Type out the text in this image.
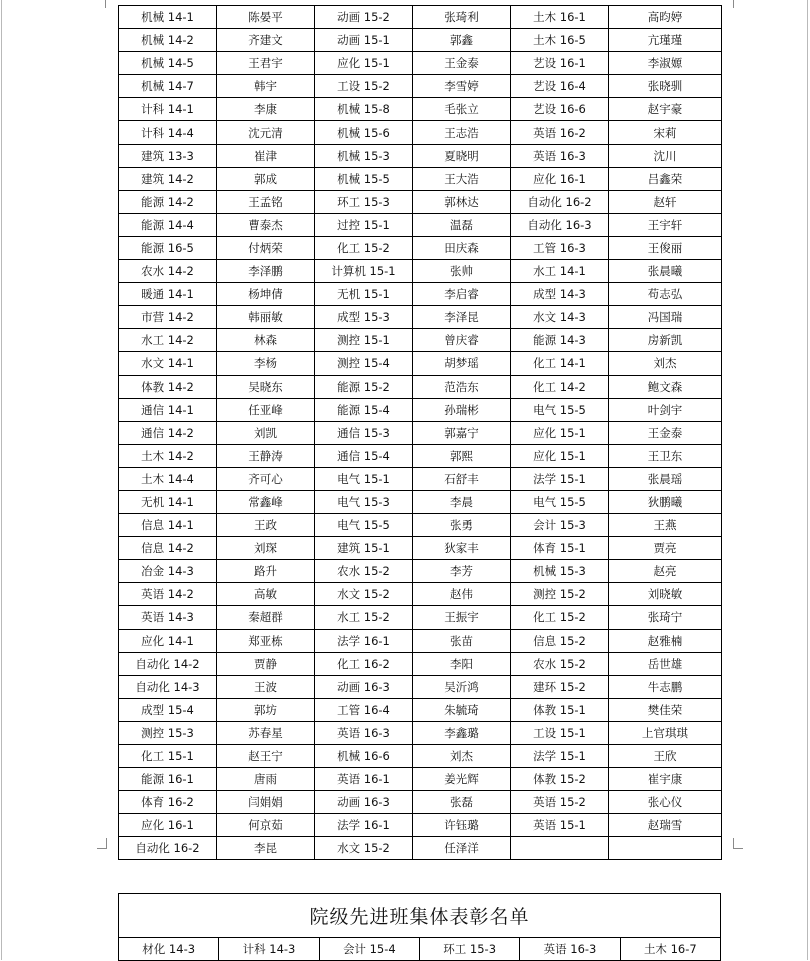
机械 14-1	陈晏平	动画 15-2	张琦利	土木 16-1	高昀婷
机械 14-2	齐建文	动画 15-1	郭鑫	土木 16-5	亢瑾瑾
机械 14-5	王君宇	应化 15-1	王金泰	艺设 16-1	李淑嫄
机械 14-7	韩宇	工设 15-2	李雪婷	艺设 16-4	张晓驯
计科 14-1	李康	机械 15-8	毛张立	艺设 16-6	赵宇豪
计科 14-4	沈元清	机械 15-6	王志浩	英语 16-2	宋莉
建筑 13-3	崔津	机械 15-3	夏晓明	英语 16-3	沈川
建筑 14-2	郭成	机械 15-5	王大浩	应化 16-1	吕鑫荣
能源 14-2	王孟铭	环工 15-3	郭林达	自动化 16-2	赵轩
能源 14-4	曹泰杰	过控 15-1	温磊	自动化 16-3	王宇轩
能源 16-5	付炳荣	化工 15-2	田庆森	工管 16-3	王俊丽
农水 14-2	李泽鹏	计算机 15-1	张帅	水工 14-1	张晨曦
暖通 14-1	杨坤倩	无机 15-1	李启睿	成型 14-3	苟志弘
市营 14-2	韩丽敏	成型 15-3	李泽昆	水文 14-3	冯国瑞
水工 14-2	林森	测控 15-1	曾庆睿	能源 14-3	房新凯
水文 14-1	李杨	测控 15-4	胡梦瑶	化工 14-1	刘杰
体教 14-2	吴晓东	能源 15-2	范浩东	化工 14-2	鲍文森
通信 14-1	任亚峰	能源 15-4	孙瑞彬	电气 15-5	叶剑宇
通信 14-2	刘凯	通信 15-3	郭嘉宁	应化 15-1	王金泰
土木 14-2	王静涛	通信 15-4	郭熙	应化 15-1	王卫东
土木 14-4	齐可心	电气 15-1	石舒丰	法学 15-1	张晨瑶
无机 14-1	常鑫峰	电气 15-3	李晨	电气 15-5	狄鹏曦
信息 14-1	王政	电气 15-5	张勇	会计 15-3	王燕
信息 14-2	刘琛	建筑 15-1	狄家丰	体育 15-1	贾亮
冶金 14-3	路升	农水 15-2	李芳	机械 15-3	赵亮
英语 14-2	高敏	水文 15-2	赵伟	测控 15-2	刘晓敏
英语 14-3	秦超群	水工 15-2	王振宇	化工 15-2	张琦宁
应化 14-1	郑亚栋	法学 16-1	张苗	信息 15-2	赵雅楠
自动化 14-2	贾静	化工 16-2	李阳	农水 15-2	岳世雄
自动化 14-3	王波	动画 16-3	吴沂鸿	建环 15-2	牛志鹏
成型 15-4	郭坊	工管 16-4	朱毓琦	体教 15-1	樊佳荣
测控 15-3	苏春星	英语 16-3	李鑫璐	工设 15-1	上官琪琪
化工 15-1	赵王宁	机械 16-6	刘杰	法学 15-1	王欣
能源 16-1	唐雨	英语 16-1	姜光辉	体教 15-2	崔宇康
体育 16-2	闫娟娟	动画 16-3	张磊	英语 15-2	张心仪
应化 16-1	何京茹	法学 16-1	许钰璐	英语 15-1	赵瑞雪
自动化 16-2	李昆	水文 15-2	任泽洋		
院级先进班集体表彰名单
材化 14-3	计科 14-3	会计 15-4	环工 15-3	英语 16-3	土木 16-7
